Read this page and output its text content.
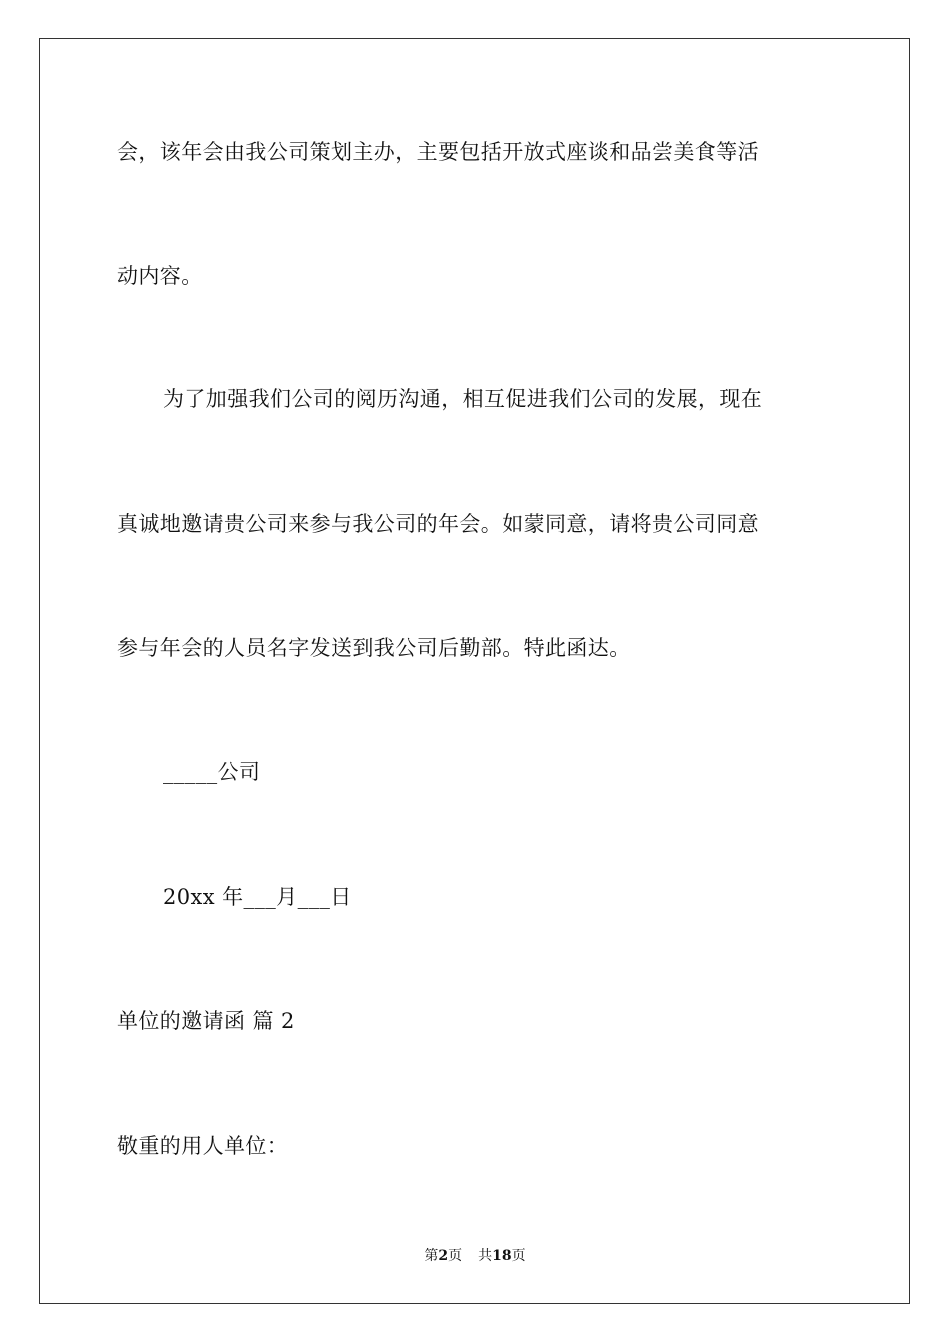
会，该年会由我公司策划主办，主要包括开放式座谈和品尝美食等活
动内容。
为了加强我们公司的阅历沟通，相互促进我们公司的发展，现在
真诚地邀请贵公司来参与我公司的年会。如蒙同意，请将贵公司同意
参与年会的人员名字发送到我公司后勤部。特此函达。
_____公司
20xx 年___月___日
单位的邀请函 篇 2
敬重的用人单位：
第2页 共18页
